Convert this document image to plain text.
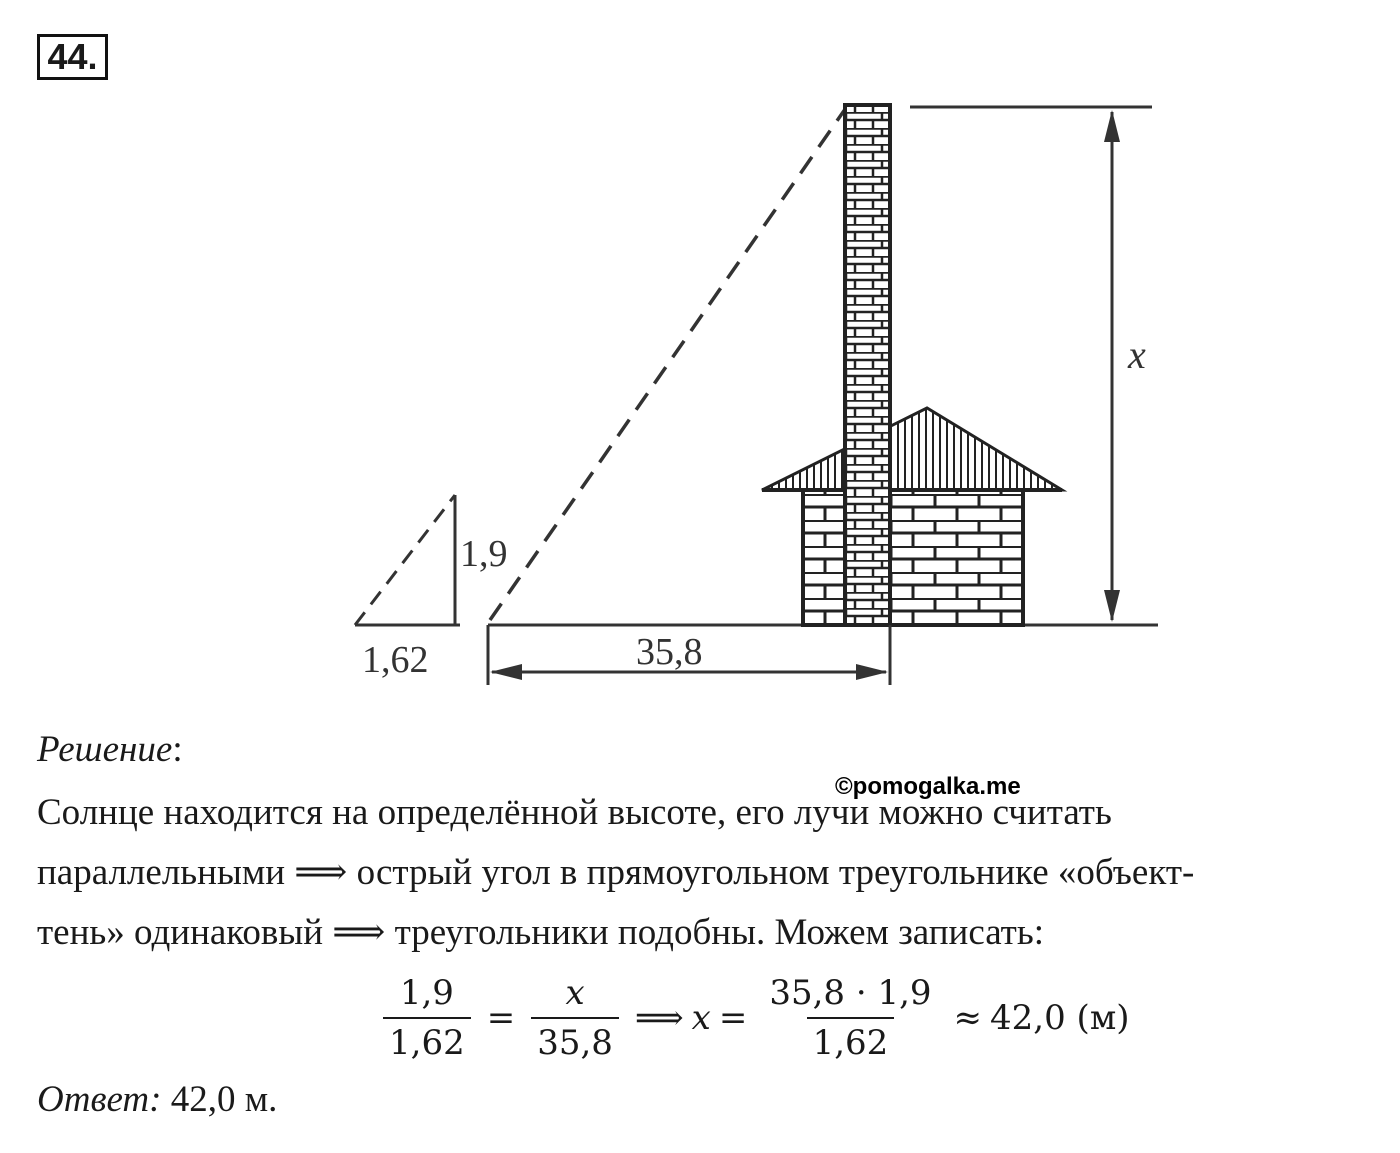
44.
1,9
1,62	35,8
x
Решение:
©pomogalka.me
Солнце находится на определённой высоте, его лучи можно считать
параллельными ⟹ острый угол в прямоугольном треугольнике «объект-
тень» одинаковый ⟹ треугольники подобны. Можем записать:
$\frac{1,9}{1,62} = \frac{x}{35,8}$ ⟹ $x = \frac{35,8 \cdot 1,9}{1,62} \approx 42,0$ (м)
Ответ: 42,0 м.
